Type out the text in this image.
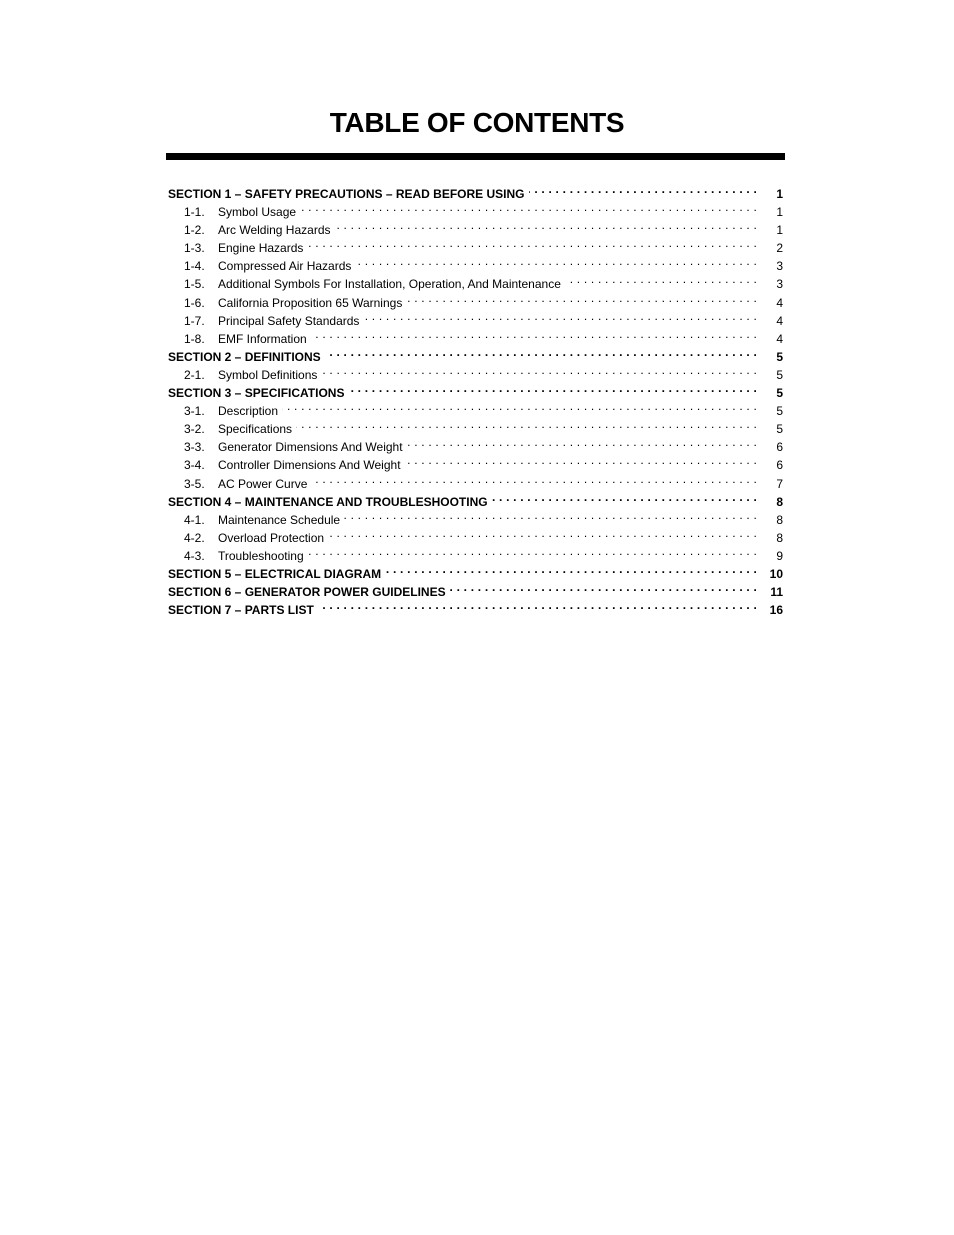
TABLE OF CONTENTS
SECTION 1 – SAFETY PRECAUTIONS – READ BEFORE USING . . .	1
1-1.	Symbol Usage . . .	1
1-2.	Arc Welding Hazards . . .	1
1-3.	Engine Hazards . . .	2
1-4.	Compressed Air Hazards . . .	3
1-5.	Additional Symbols For Installation, Operation, And Maintenance . . .	3
1-6.	California Proposition 65 Warnings . . .	4
1-7.	Principal Safety Standards . . .	4
1-8.	EMF Information . . .	4
SECTION 2 – DEFINITIONS . . .	5
2-1.	Symbol Definitions . . .	5
SECTION 3 – SPECIFICATIONS . . .	5
3-1.	Description . . .	5
3-2.	Specifications . . .	5
3-3.	Generator Dimensions And Weight . . .	6
3-4.	Controller Dimensions And Weight . . .	6
3-5.	AC Power Curve . . .	7
SECTION 4 – MAINTENANCE AND TROUBLESHOOTING . . .	8
4-1.	Maintenance Schedule . . .	8
4-2.	Overload Protection . . .	8
4-3.	Troubleshooting . . .	9
SECTION 5 – ELECTRICAL DIAGRAM . . .	10
SECTION 6 – GENERATOR POWER GUIDELINES . . .	11
SECTION 7 – PARTS LIST . . .	16
